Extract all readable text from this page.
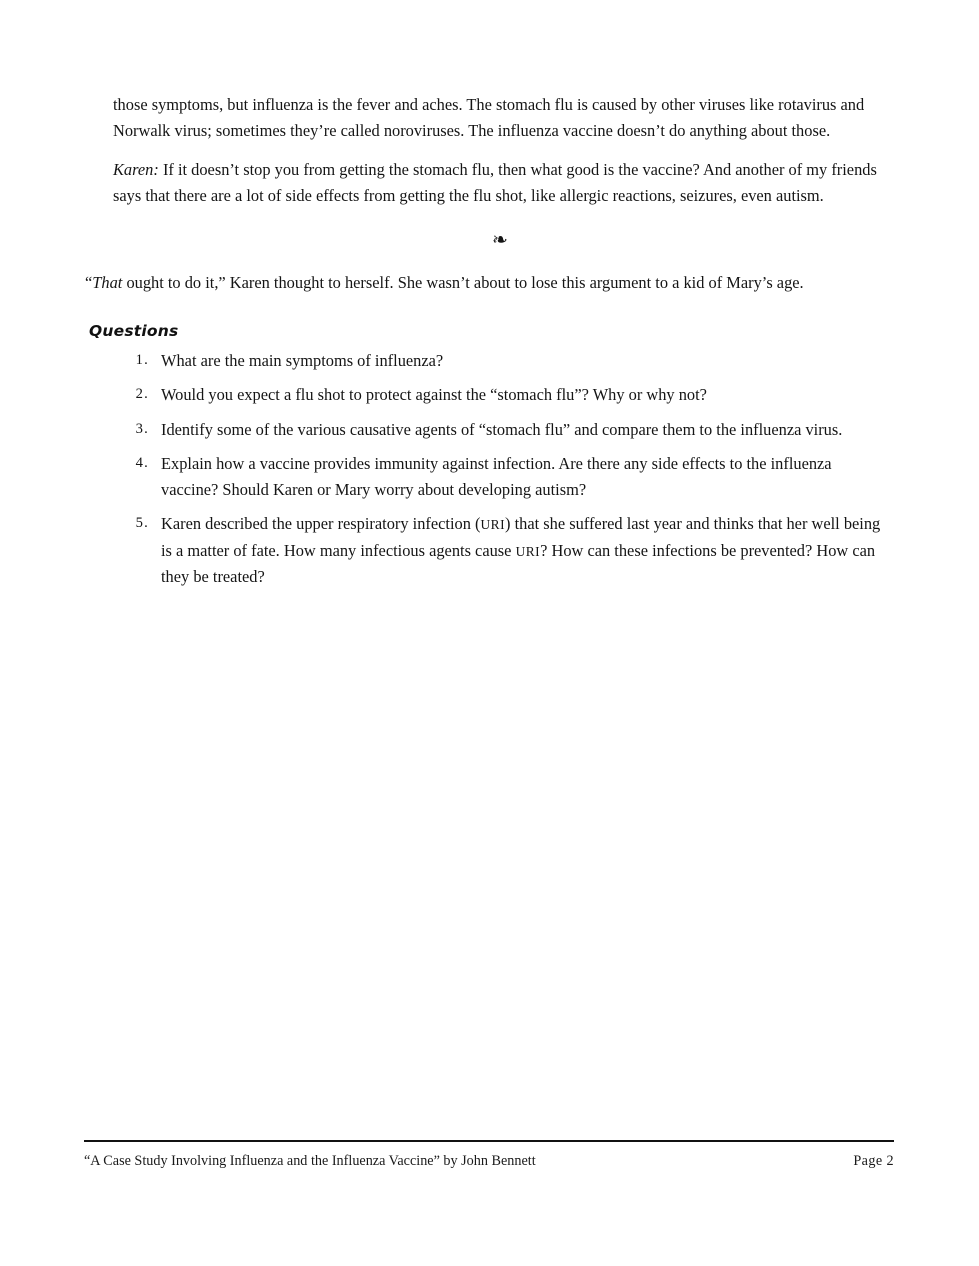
those symptoms, but influenza is the fever and aches. The stomach flu is caused by other viruses like rotavirus and Norwalk virus; sometimes they’re called noroviruses. The influenza vaccine doesn’t do anything about those.

Karen: If it doesn’t stop you from getting the stomach flu, then what good is the vaccine? And another of my friends says that there are a lot of side effects from getting the flu shot, like allergic reactions, seizures, even autism.

❧
“That ought to do it,” Karen thought to herself. She wasn’t about to lose this argument to a kid of Mary’s age.
Questions
1. What are the main symptoms of influenza?
2. Would you expect a flu shot to protect against the “stomach flu”? Why or why not?
3. Identify some of the various causative agents of “stomach flu” and compare them to the influenza virus.
4. Explain how a vaccine provides immunity against infection. Are there any side effects to the influenza vaccine? Should Karen or Mary worry about developing autism?
5. Karen described the upper respiratory infection (URI) that she suffered last year and thinks that her well being is a matter of fate. How many infectious agents cause URI? How can these infections be prevented? How can they be treated?
“A Case Study Involving Influenza and the Influenza Vaccine” by John Bennett	Page 2
